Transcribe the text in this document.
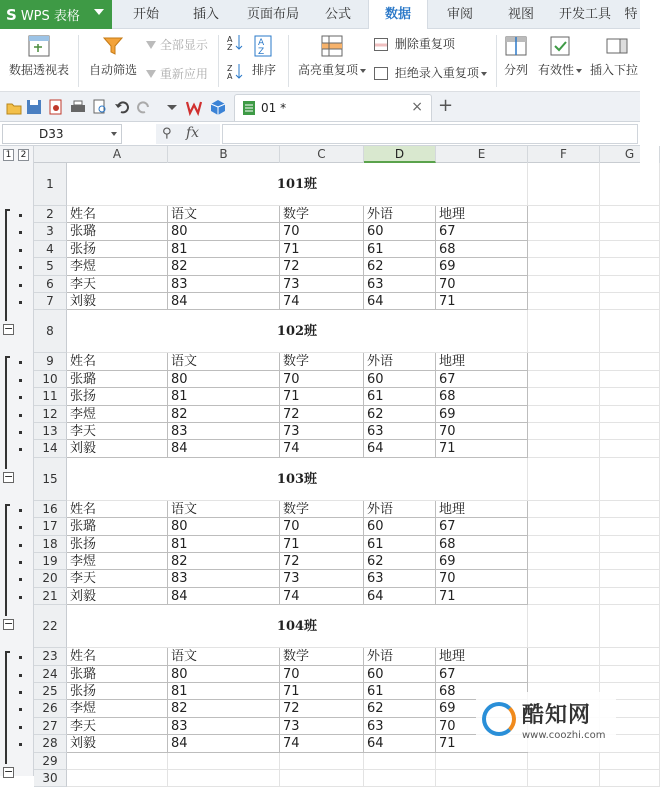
S WPS 表格	开始	插入	页面布局	公式	数据	审阅	视图	开发工具	特
数据透视表 自动筛选
全部显示
重新应用
A
Z
Z
A
A
Z
排序	高亮重复项
删除重复项
拒绝录入重复项	分列 有效性	插入下拉
01 *	× +
D33	⚲ fx
1 2	A	B	C	D	E	F	G
1	101班
2	姓名	语文	数学	外语	地理
3	张璐	80	70	60	67
4	张扬	81	71	61	68
5	李煜	82	72	62	69
6	李天	83	73	63	70
7	刘毅	84	74	64	71
8	102班
9	姓名	语文	数学	外语	地理
10 张璐	80	70	60	67
11 张扬	81	71	61	68
12 李煜	82	72	62	69
13 李天	83	73	63	70
14 刘毅	84	74	64	71
15	103班
16 姓名	语文	数学	外语	地理
17 张璐	80	70	60	67
18 张扬	81	71	61	68
19 李煜	82	72	62	69
20 李天	83	73	63	70
21 刘毅	84	74	64	71
22	104班
23 姓名	语文	数学	外语	地理
24 张璐	80	70	60	67
25 张扬	81	71	61	68
26 李煜	82	72	62	69
27 李天	83	73	63	70
28 刘毅	84	74	64	71
29
30
−
−
−
−
酷知网
www.coozhi.com
